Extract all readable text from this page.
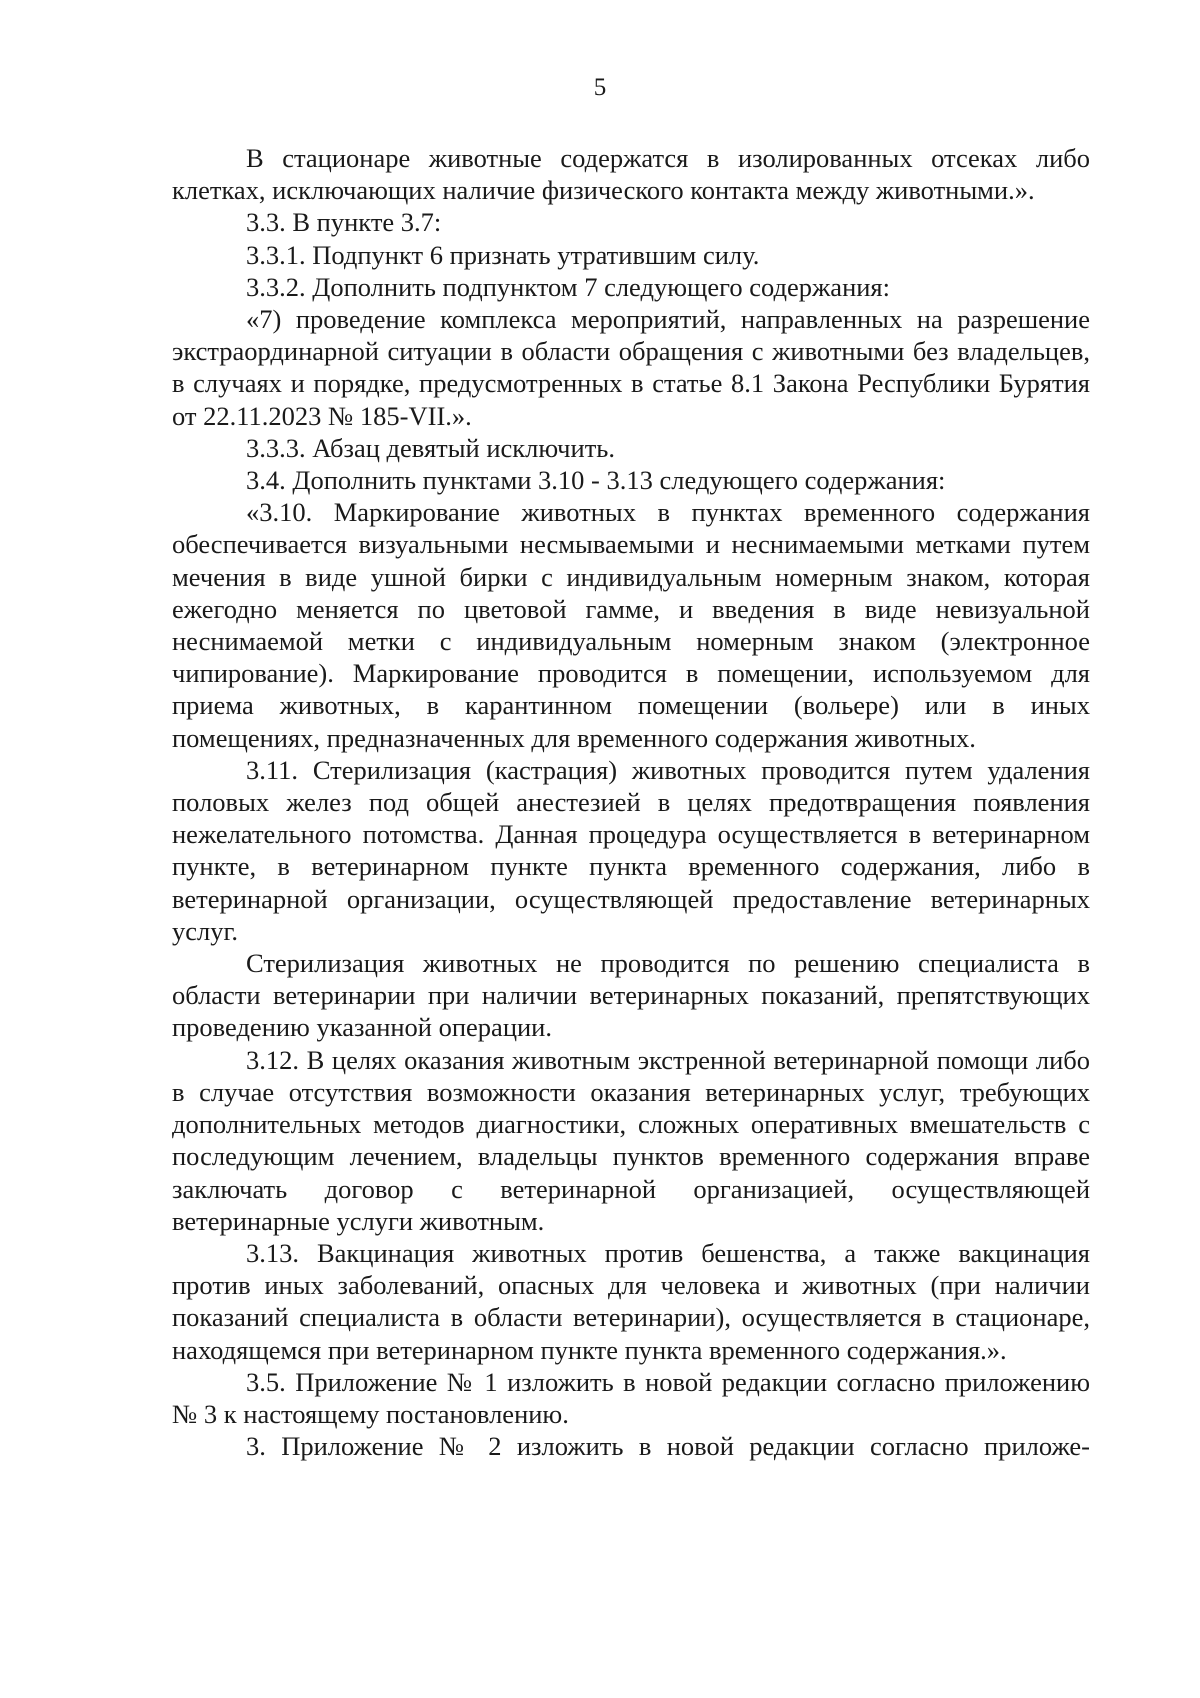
5

В стационаре животные содержатся в изолированных отсеках либо клетках, исключающих наличие физического контакта между животными.».

3.3. В пункте 3.7:

3.3.1. Подпункт 6 признать утратившим силу.

3.3.2. Дополнить подпунктом 7 следующего содержания:

«7) проведение комплекса мероприятий, направленных на разрешение экстраординарной ситуации в области обращения с животными без владельцев, в случаях и порядке, предусмотренных в статье 8.1 Закона Республики Бурятия от 22.11.2023 № 185-VII.».

3.3.3. Абзац девятый исключить.

3.4. Дополнить пунктами 3.10 - 3.13 следующего содержания:

«3.10. Маркирование животных в пунктах временного содержания обеспечивается визуальными несмываемыми и неснимаемыми метками путем мечения в виде ушной бирки с индивидуальным номерным знаком, которая ежегодно меняется по цветовой гамме, и введения в виде невизуальной неснимаемой метки с индивидуальным номерным знаком (электронное чипирование). Маркирование проводится в помещении, используемом для приема животных, в карантинном помещении (вольере) или в иных помещениях, предназначенных для временного содержания животных.

3.11. Стерилизация (кастрация) животных проводится путем удаления половых желез под общей анестезией в целях предотвращения появления нежелательного потомства. Данная процедура осуществляется в ветеринарном пункте, в ветеринарном пункте пункта временного содержания, либо в ветеринарной организации, осуществляющей предоставление ветеринарных услуг.

Стерилизация животных не проводится по решению специалиста в области ветеринарии при наличии ветеринарных показаний, препятствующих проведению указанной операции.

3.12. В целях оказания животным экстренной ветеринарной помощи либо в случае отсутствия возможности оказания ветеринарных услуг, требующих дополнительных методов диагностики, сложных оперативных вмешательств с последующим лечением, владельцы пунктов временного содержания вправе заключать договор с ветеринарной организацией, осуществляющей ветеринарные услуги животным.

3.13. Вакцинация животных против бешенства, а также вакцинация против иных заболеваний, опасных для человека и животных (при наличии показаний специалиста в области ветеринарии), осуществляется в стационаре, находящемся при ветеринарном пункте пункта временного содержания.».

3.5. Приложение № 1 изложить в новой редакции согласно приложению № 3 к настоящему постановлению.

3. Приложение № 2 изложить в новой редакции согласно приложе-
